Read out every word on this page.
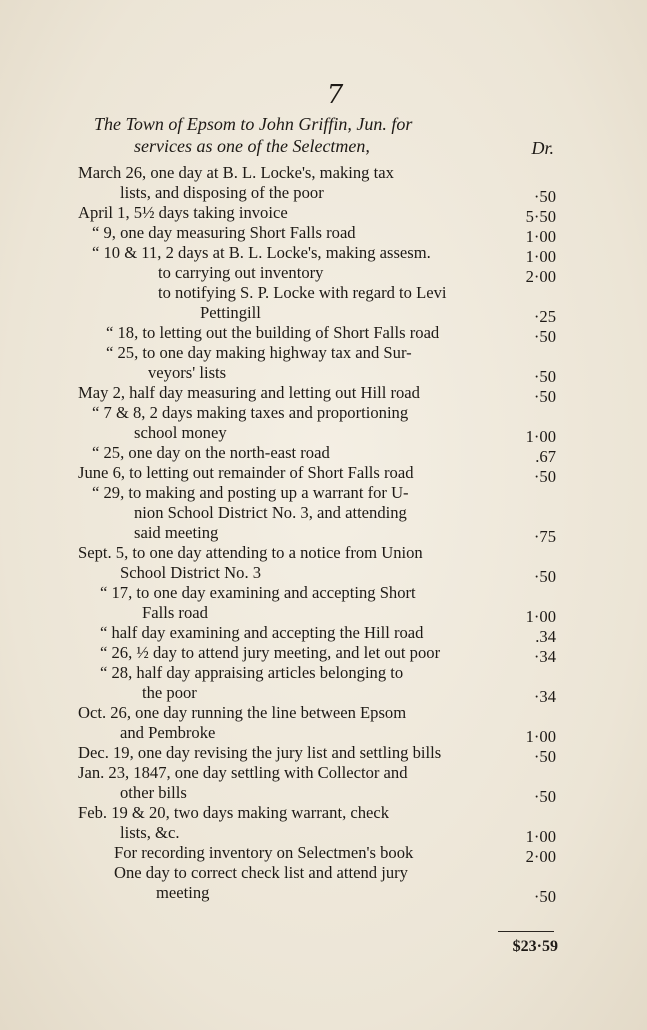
7
The Town of Epsom to John Griffin, Jun. for
services as one of the Selectmen,	Dr.
March 26, one day at B. L. Locke's, making tax
lists, and disposing of the poor	·50
April 1, 5½ days taking invoice	5·50
“ 9, one day measuring Short Falls road	1·00
“ 10 & 11, 2 days at B. L. Locke's, making assesm.	1·00
to carrying out inventory	2·00
to notifying S. P. Locke with regard to Levi
Pettingill	·25
“ 18, to letting out the building of Short Falls road	·50
“ 25, to one day making highway tax and Sur-
veyors' lists	·50
May 2, half day measuring and letting out Hill road	·50
“ 7 & 8, 2 days making taxes and proportioning
school money	1·00
“ 25, one day on the north-east road	.67
June 6, to letting out remainder of Short Falls road	·50
“ 29, to making and posting up a warrant for U-
nion School District No. 3, and attending
said meeting	·75
Sept. 5, to one day attending to a notice from Union
School District No. 3	·50
“ 17, to one day examining and accepting Short
Falls road	1·00
“ half day examining and accepting the Hill road	.34
“ 26, ½ day to attend jury meeting, and let out poor	·34
“ 28, half day appraising articles belonging to
the poor	·34
Oct. 26, one day running the line between Epsom
and Pembroke	1·00
Dec. 19, one day revising the jury list and settling bills	·50
Jan. 23, 1847, one day settling with Collector and
other bills	·50
Feb. 19 & 20, two days making warrant, check
lists, &c.	1·00
For recording inventory on Selectmen's book	2·00
One day to correct check list and attend jury
meeting	·50
$23·59
